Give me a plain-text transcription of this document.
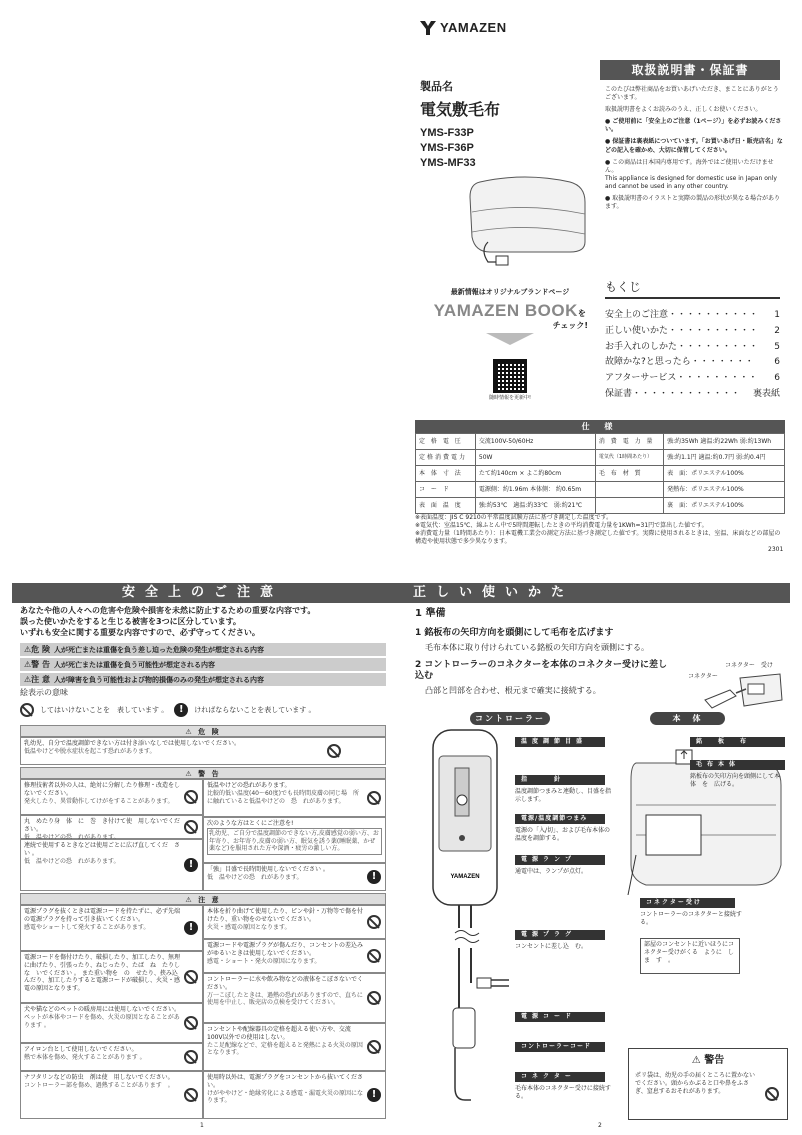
YAMAZEN
取扱説明書・保証書
製品名
電気敷毛布
YMS-F33P
YMS-F36P
YMS-MF33

このたびは弊社商品をお買いあげいただき、まことにありがとうございます。

取扱説明書をよくお読みのうえ、正しくお使いください。

● ご使用前に「安全上のご注意（1ページ）」を必ずお読みください。

● 保証書は裏表紙についています。「お買いあげ日・販売店名」などの記入を確かめ、大切に保管してください。

● この商品は日本国内専用です。海外ではご使用いただけません。
This appliance is designed for domestic use in Japan only and cannot be used in any other country.

● 取扱説明書のイラストと実際の製品の形状が異なる場合があります。

最新情報はオリジナルブランドページ
YAMAZEN BOOKを
チェック!
随時情報を更新中!
もくじ
安全上のご注意・・・・・・・・・・ 1
正しい使いかた・・・・・・・・・・ 2
お手入れのしかた・・・・・・・・・ 5
故障かな?と思ったら・・・・・・・ 6
アフターサービス・・・・・・・・・ 6
保証書・・・・・・・・・・・・ 裏表紙
仕 様
定 格 電 圧	交流100V-50/60Hz	消 費 電 力 量	強:約35Wh 適温:約22Wh 弱:約13Wh
定格消費電力	50W	電気代（1時間あたり）	強:約1.1円 適温:約0.7円 弱:約0.4円
本 体 寸 法	たて約140cm × よこ約80cm	毛 布 材 質	表　面：ポリエステル100%
コ ー ド	電源側：約1.96m 本体側： 約0.65m		発熱布：ポリエステル100%
表 面 温 度	強:約53℃　適温:約33℃　弱:約21℃		裏　面：ポリエステル100%
※表面温度：JIS C 9210の平常温度試験方法に基づき測定した温度です。
※電気代：室温15℃、綿ふとん中で5時間運転したときの平均消費電力量を1KWh=31円で算出した値です。
※消費電力量（1時間あたり）：日本電機工業会の測定方法に基づき測定した値です。実際に使用されるときは、室温、床面などの部屋の構造や使用状態で多少異なります。
2301
安全上のご注意	正しい使いかた
あなたや他の人々への危害や危険や損害を未然に防止するための重要な内容です。
誤った使いかたをすると生じる被害を3つに区分しています。
いずれも安全に関する重要な内容ですので、必ず守ってください。
⚠危 険 人が死亡または重傷を負う差し迫った危険の発生が想定される内容
⚠警 告 人が死亡または重傷を負う可能性が想定される内容
⚠注 意 人が障害を負う可能性および物的損傷のみの発生が想定される内容
絵表示の意味
してはいけないことを　表しています 。	!	ければならないことを表しています 。
⚠ 危 険
乳幼児、自分で温度調節できない方は付き添いなしでは使用しないでください。
低温やけどや脱水症状を起こす恐れがあります。
⚠ 警 告
修理技術者以外の人は、絶対に分解したり修理・改造をしないでください。
発火したり、異常動作してけがをすることがあります。
丸　めたり身　体　に　巻　き付けて使　用しないでください。
低　温やけどの恐　れがあります。
連続で使用するときなどは使用ごとに広げ直してくだ　さい 。
低　温やけどの恐　れがあります。	!
低温やけどの恐れがあります。
比較的低い温度(40～60度)でも長時間皮膚の同じ場　所　に触れていると低温やけどの　恐　れがあります。
次のような方はとくにご注意を!
乳幼児、ご自分で温度調節のできない方,皮膚感覚の弱い方、お年寄り、お年寄り,皮膚の弱い方、眠気を誘う薬(睡眠薬、かぜ薬など)を服用された方や深酒・疲労の激しい方。
「強」目盛で長時間使用しないでください 。
低　温やけどの恐　れがあります。	!
⚠ 注 意
電源プラグを抜くときは電源コードを持たずに、必ず先端の電源プラグを持って引き抜いてください。
感電やショートして発火することがあります。	!
電源コードを傷付けたり、破損したり、加工したり、無理に曲げたり、引張ったり、ねじったり、たば　ね　たりしな　いでください 。 また重い物を　の　せたり、挟み込んだり、加工したりすると電源コードが破損し、火災・感電の原因となります。
犬や猫などのペットの暖房用には使用しないでください。
ペットが本体やコードを傷め、火災の原因となることがあります 。
アイロン台として使用しないでください。
熱で本体を傷め、発火することがあります 。
ナフタリンなどの防虫　剤は使　用しないでください。
コントローラー部を傷め、過熱することがあります　。
本体を折り曲げて使用したり、ピンや針・万物等で傷を付けたり、重い物をのせないでください。
火災・感電の原因となります。
電源コードや電源プラグが傷んだり、コンセントの差込みがゆるいときは使用しないでください。
感電・ショート・発火の原因になります。
コントローラーに水や飲み物などの液体をこぼさないでください。
万一こぼしたときは、過熱の恐れがありますので、直ちに使用を中止し、販売店の点検を受けてください。
コンセントや配線器具の定格を超える使い方や、交流100V以外での使用はしない。
たこ足配線などで、定格を超えると発熱による火災の原因となります。
使用時以外は、電源プラグをコンセントから抜いてください。
けがややけど・絶縁劣化による感電・漏電火災の原因になります。
!
1
1 準備
1 銘板布の矢印方向を頭側にして毛布を広げます
毛布本体に取り付けられている銘板の矢印方向を頭側にする。
2 コントローラーのコネクターを本体のコネクター受けに差し込む
凸部と凹部を合わせ、根元まで確実に接続する。
コネクター　受け
コネクター
コントローラー	本　体
YAMAZEN
温度調節目盛
指　　針
温度調節つまみと連動し、目盛を指示します。
電源/温度調節つまみ
電源の「入/切」、および毛布本体の温度を調節する。
電源ランプ
通電中は、ランプが点灯。
電源プラグ
コンセントに差し込　む。
電源コード
コントローラーコード
コネクター
毛布本体のコネクター受けに接続する。
銘　板　布
毛布本体
銘板布の矢印方向を頭側にして本体　を　広げる。
コネクター受け
コントローラーのコネクターと接続する。
部屋のコンセントに近いほうにコネクター受けがくる　ように　し　ま　す　。
⚠ 警告
ポリ袋は、幼児の手の届くところに置かないでください。頭からかぶると口や鼻をふさぎ、窒息するおそれがあります。
2
